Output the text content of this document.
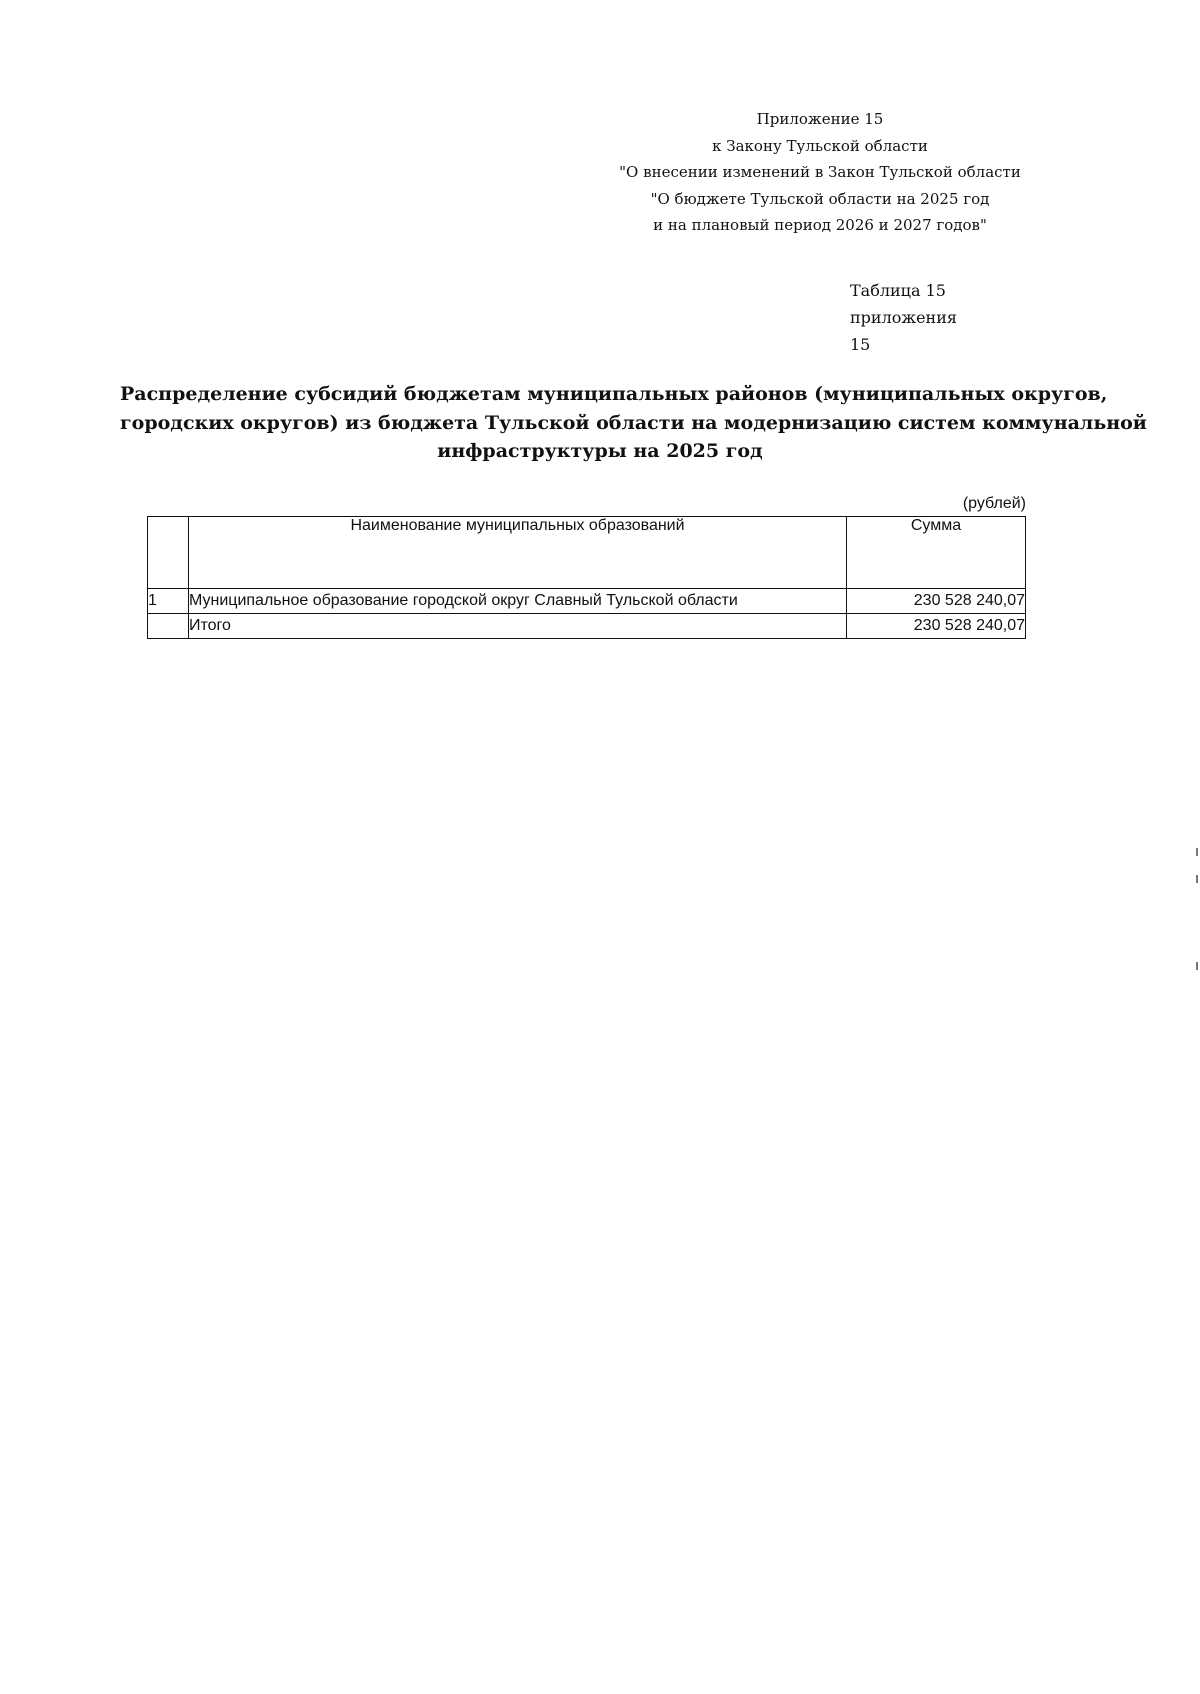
Приложение 15
к Закону Тульской области
"О внесении изменений в Закон Тульской области
"О бюджете Тульской области на 2025 год
и на плановый период 2026 и 2027 годов"
Таблица 15
приложения 15
Распределение субсидий бюджетам муниципальных районов (муниципальных округов,
городских округов) из бюджета Тульской области на модернизацию систем коммунальной
инфраструктуры на 2025 год
(рублей)
	Наименование муниципальных образований	Сумма
1	Муниципальное образование городской округ Славный Тульской области	230 528 240,07
	Итого	230 528 240,07
